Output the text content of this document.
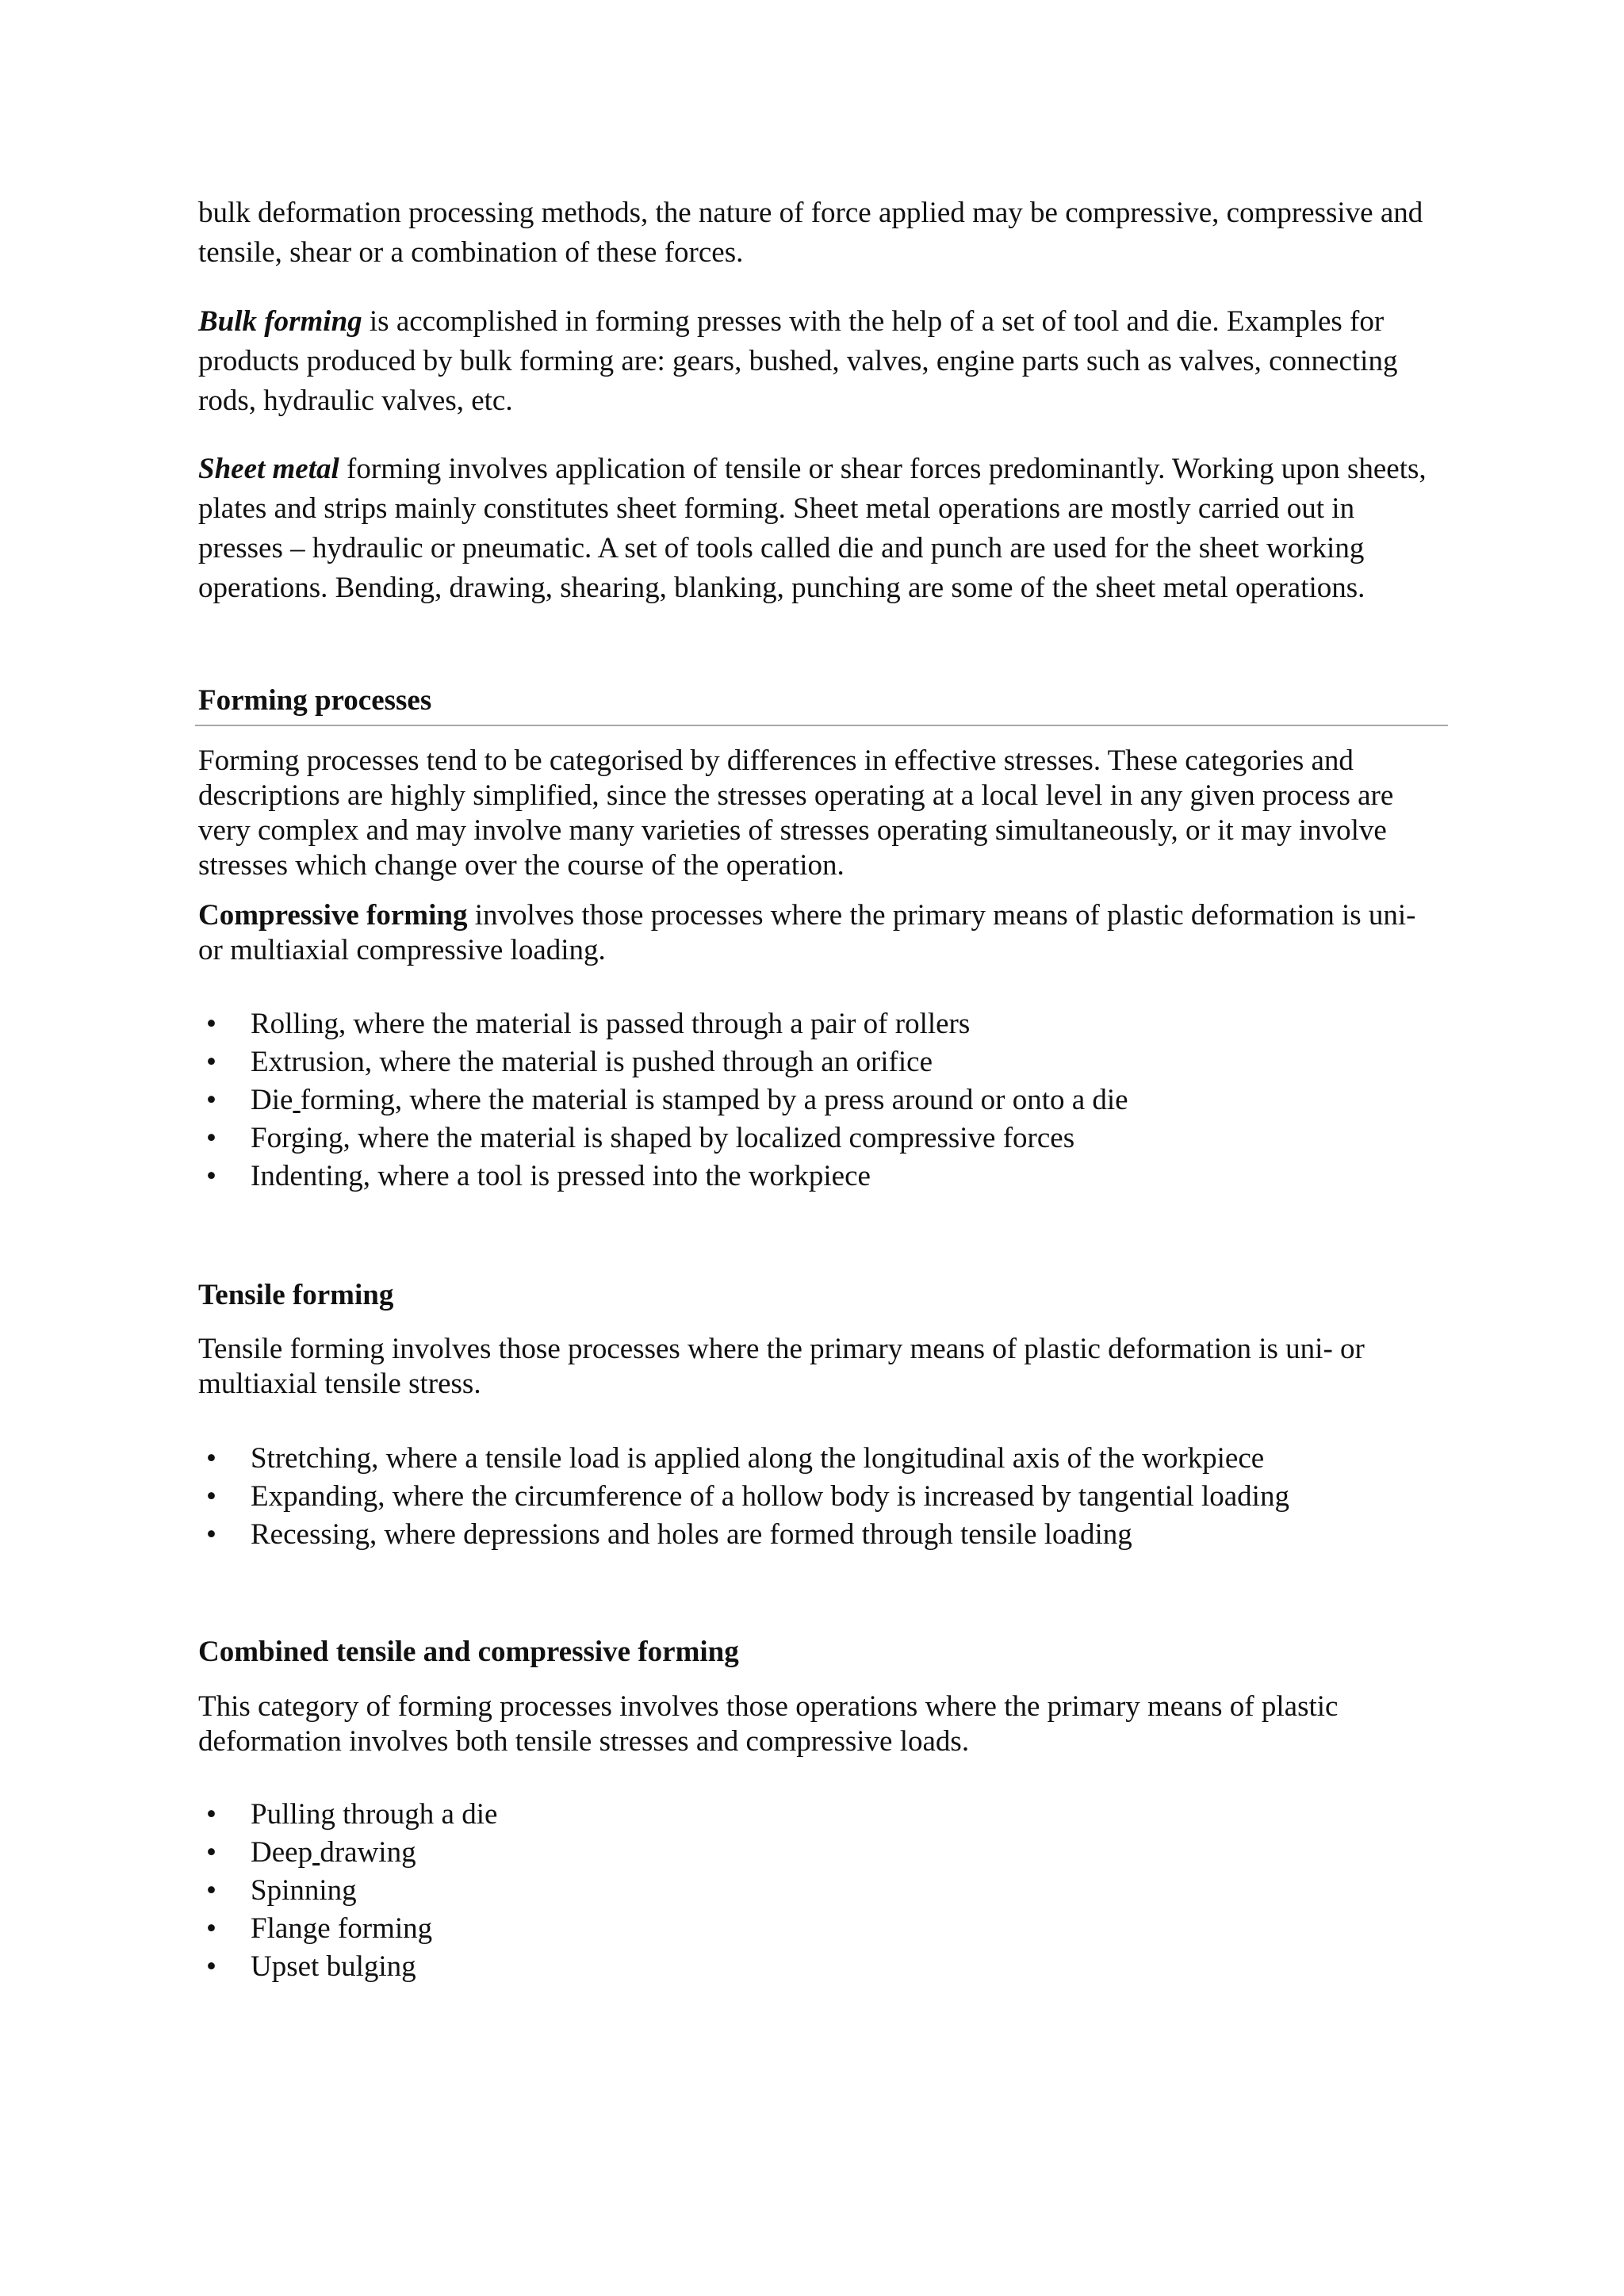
bulk deformation processing methods, the nature of force applied may be compressive, compressive and tensile, shear or a combination of these forces.

Bulk forming is accomplished in forming presses with the help of a set of tool and die. Examples for products produced by bulk forming are: gears, bushed, valves, engine parts such as valves, connecting rods, hydraulic valves, etc.

Sheet metal forming involves application of tensile or shear forces predominantly. Working upon sheets, plates and strips mainly constitutes sheet forming. Sheet metal operations are mostly carried out in presses – hydraulic or pneumatic. A set of tools called die and punch are used for the sheet working operations. Bending, drawing, shearing, blanking, punching are some of the sheet metal operations.

Forming processes

Forming processes tend to be categorised by differences in effective stresses. These categories and descriptions are highly simplified, since the stresses operating at a local level in any given process are very complex and may involve many varieties of stresses operating simultaneously, or it may involve stresses which change over the course of the operation.

Compressive forming involves those processes where the primary means of plastic deformation is uni- or multiaxial compressive loading.

• Rolling, where the material is passed through a pair of rollers
• Extrusion, where the material is pushed through an orifice
• Die forming, where the material is stamped by a press around or onto a die
• Forging, where the material is shaped by localized compressive forces
• Indenting, where a tool is pressed into the workpiece
Tensile forming

Tensile forming involves those processes where the primary means of plastic deformation is uni- or multiaxial tensile stress.

• Stretching, where a tensile load is applied along the longitudinal axis of the workpiece
• Expanding, where the circumference of a hollow body is increased by tangential loading
• Recessing, where depressions and holes are formed through tensile loading
Combined tensile and compressive forming

This category of forming processes involves those operations where the primary means of plastic deformation involves both tensile stresses and compressive loads.

• Pulling through a die
• Deep drawing
• Spinning
• Flange forming
• Upset bulging
